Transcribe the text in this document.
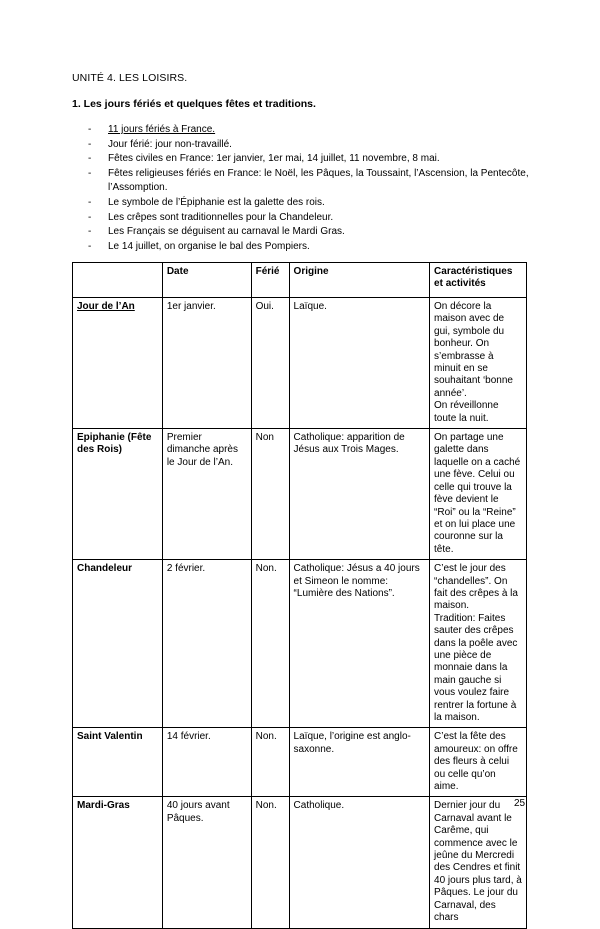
UNITÉ 4. LES LOISIRS.
1. Les jours fériés et quelques fêtes et traditions.
- 11 jours fériés à France.
- Jour férié: jour non-travaillé.
- Fêtes civiles en France: 1er janvier, 1er mai, 14 juillet, 11 novembre, 8 mai.
- Fêtes religieuses fériés en France: le Noël, les Pâques, la Toussaint, l’Ascension, la Pentecôte, l’Assomption.
- Le symbole de l’Épiphanie est la galette des rois.
- Les crêpes sont traditionnelles pour la Chandeleur.
- Les Français se déguisent au carnaval le Mardi Gras.
- Le 14 juillet, on organise le bal des Pompiers.
	Date	Férié	Origine	Caractéristiques et activités
Jour de l’An	1er janvier.	Oui.	Laïque.	On décore la maison avec de gui, symbole du bonheur. On s’embrasse à minuit en se souhaitant ‘bonne année’.
On réveillonne toute la nuit.

Epiphanie (Fête des Rois)	Premier dimanche après le Jour de l’An.	Non	Catholique: apparition de Jésus aux Trois Mages.	On partage une galette dans laquelle on a caché une fève. Celui ou celle qui trouve la fève devient le “Roi” ou la “Reine” et on lui place une couronne sur la tête.
Chandeleur	2 février.	Non.	Catholique: Jésus a 40 jours et Simeon le nomme: “Lumière des Nations”.	C’est le jour des “chandelles”. On fait des crêpes à la maison.
Tradition: Faites sauter des crêpes dans la poêle avec une pièce de monnaie dans la main gauche si vous voulez faire rentrer la fortune à la maison.

Saint Valentin	14 février.	Non.	Laïque, l’origine est anglo-saxonne.	C’est la fête des amoureux: on offre des fleurs à celui ou celle qu’on aime.
Mardi-Gras	40 jours avant Pâques.	Non.	Catholique.	Dernier jour du Carnaval avant le Carême, qui commence avec le jeûne du Mercredi des Cendres et finit 40 jours plus tard, à Pâques. Le jour du Carnaval, des chars
25
